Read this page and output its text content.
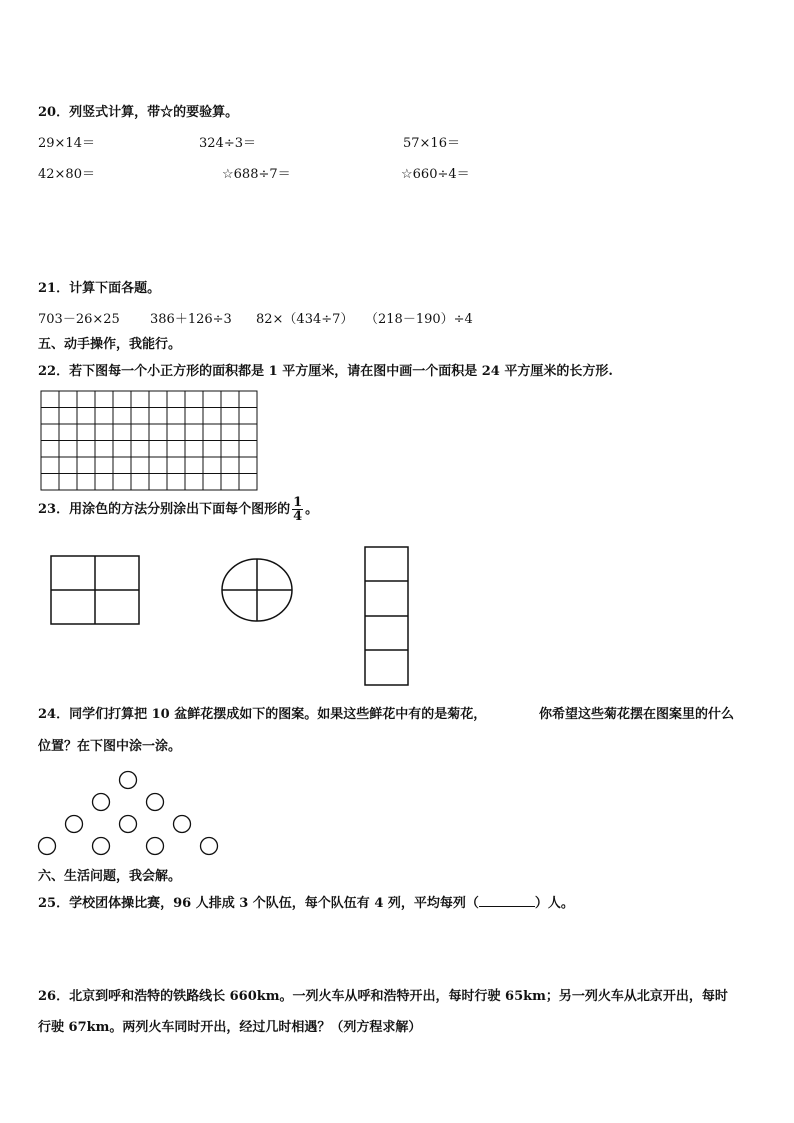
20．列竖式计算，带☆的要验算。
29×14＝	324÷3＝	57×16＝
42×80＝	☆688÷7＝	☆660÷4＝
21．计算下面各题。
703－26×25 386＋126÷3 82×（434÷7） （218－190）÷4
五、动手操作，我能行。
22．若下图每一个小正方形的面积都是 1 平方厘米，请在图中画一个面积是 24 平方厘米的长方形.
23．用涂色的方法分别涂出下面每个图形的 $\frac{1}{4}$ 。
24．同学们打算把 10 盆鲜花摆成如下的图案。如果这些鲜花中有的是菊花，	你希望这些菊花摆在图案里的什么
位置？在下图中涂一涂。
六、生活问题，我会解。
25．学校团体操比赛，96 人排成 3 个队伍，每个队伍有 4 列，平均每列（	）人。
26．北京到呼和浩特的铁路线长 660km。一列火车从呼和浩特开出，每时行驶 65km；另一列火车从北京开出，每时
行驶 67km。两列火车同时开出，经过几时相遇？（列方程求解）
